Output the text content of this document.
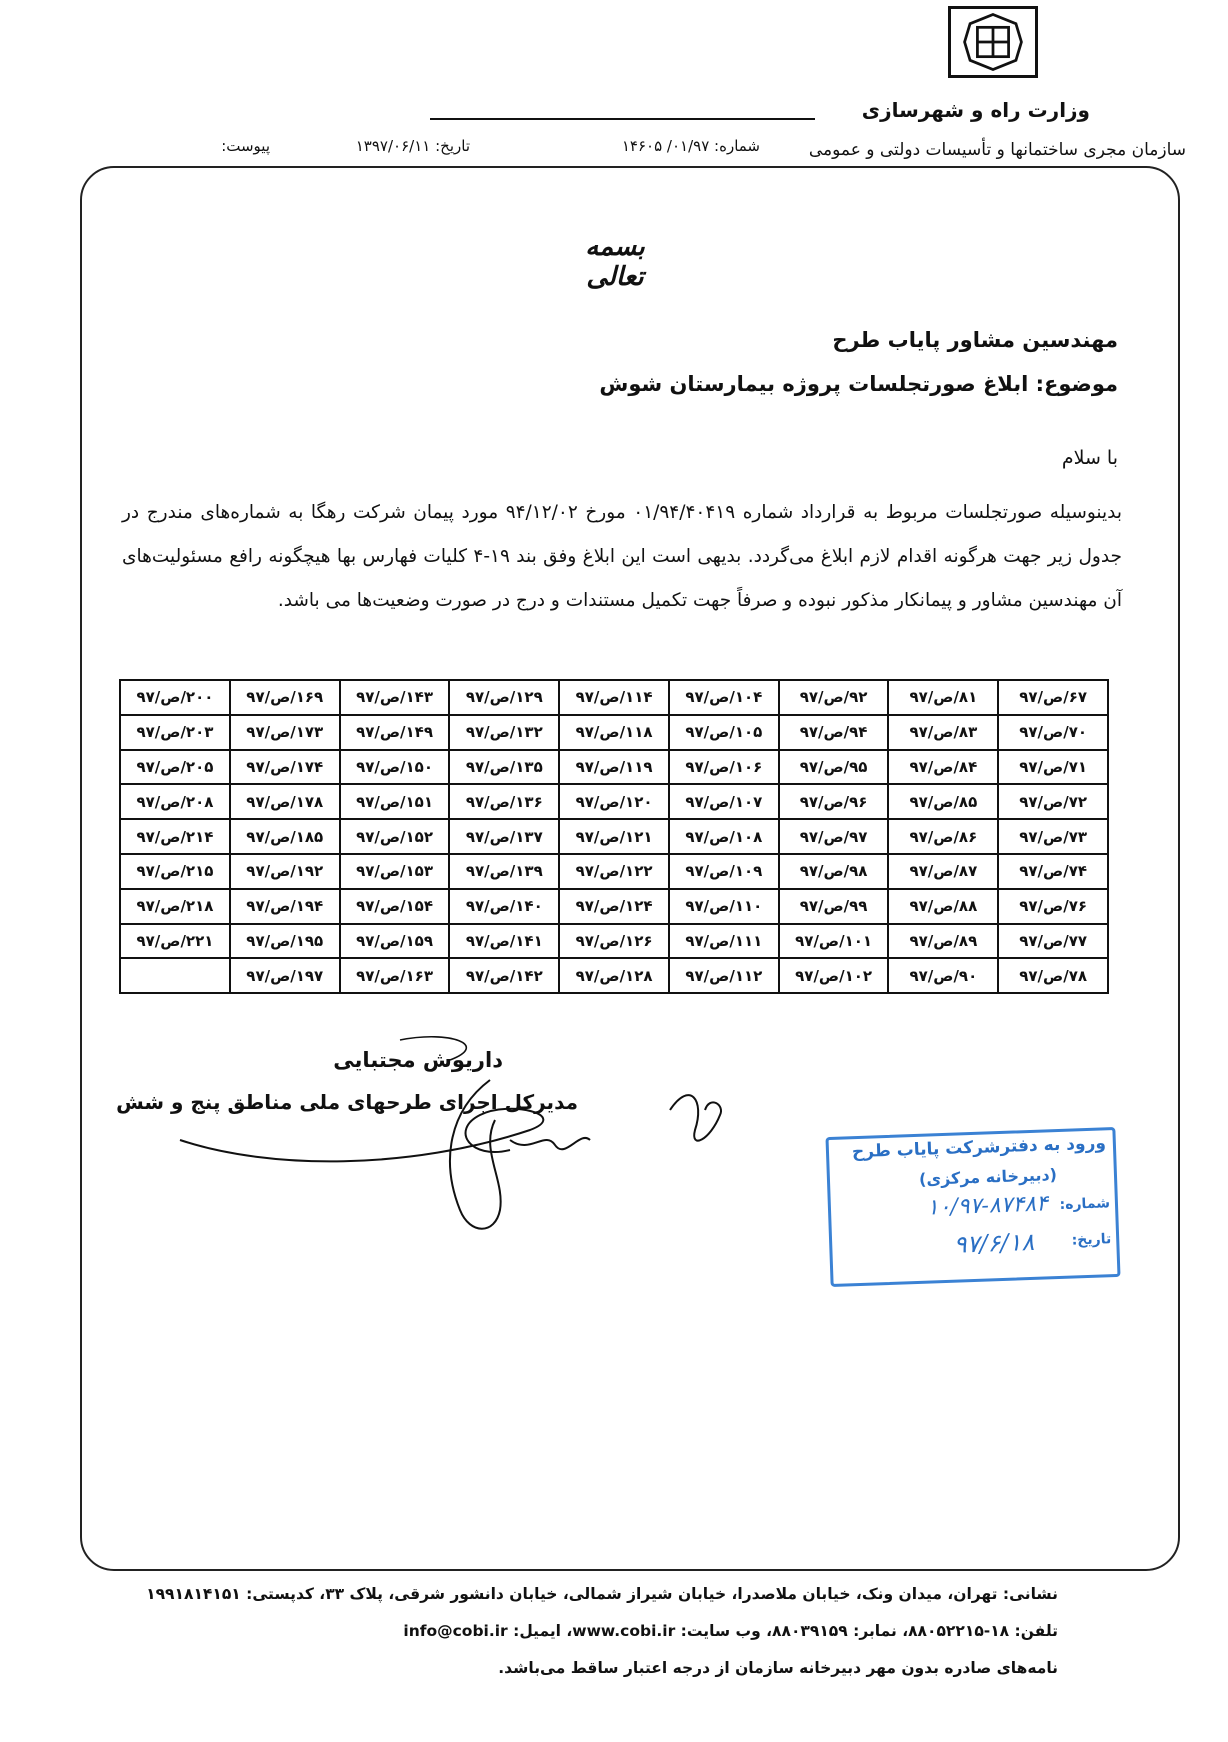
وزارت راه و شهرسازی
سازمان مجری ساختمانها و تأسیسات دولتی و عمومی
شماره: ۰۱/۹۷/ ۱۴۶۰۵
تاریخ: ۱۳۹۷/۰۶/۱۱
پیوست:
بسمه تعالی
مهندسین مشاور پایاب طرح
موضوع: ابلاغ صورتجلسات پروژه بیمارستان شوش
با سلام
بدینوسیله صورتجلسات مربوط به قرارداد شماره ۰۱/۹۴/۴۰۴۱۹ مورخ ۹۴/۱۲/۰۲ مورد پیمان شرکت رهگا به شماره‌های مندرج در جدول زیر جهت هرگونه اقدام لازم ابلاغ می‌گردد. بدیهی است این ابلاغ وفق بند ۱۹-۴ کلیات فهارس بها هیچگونه رافع مسئولیت‌های آن مهندسین مشاور و پیمانکار مذکور نبوده و صرفاً جهت تکمیل مستندات و درج در صورت وضعیت‌ها می باشد.
۶۷/ص/۹۷	۸۱/ص/۹۷	۹۲/ص/۹۷	۱۰۴/ص/۹۷	۱۱۴/ص/۹۷	۱۲۹/ص/۹۷	۱۴۳/ص/۹۷	۱۶۹/ص/۹۷	۲۰۰/ص/۹۷
۷۰/ص/۹۷	۸۳/ص/۹۷	۹۴/ص/۹۷	۱۰۵/ص/۹۷	۱۱۸/ص/۹۷	۱۳۲/ص/۹۷	۱۴۹/ص/۹۷	۱۷۳/ص/۹۷	۲۰۳/ص/۹۷
۷۱/ص/۹۷	۸۴/ص/۹۷	۹۵/ص/۹۷	۱۰۶/ص/۹۷	۱۱۹/ص/۹۷	۱۳۵/ص/۹۷	۱۵۰/ص/۹۷	۱۷۴/ص/۹۷	۲۰۵/ص/۹۷
۷۲/ص/۹۷	۸۵/ص/۹۷	۹۶/ص/۹۷	۱۰۷/ص/۹۷	۱۲۰/ص/۹۷	۱۳۶/ص/۹۷	۱۵۱/ص/۹۷	۱۷۸/ص/۹۷	۲۰۸/ص/۹۷
۷۳/ص/۹۷	۸۶/ص/۹۷	۹۷/ص/۹۷	۱۰۸/ص/۹۷	۱۲۱/ص/۹۷	۱۳۷/ص/۹۷	۱۵۲/ص/۹۷	۱۸۵/ص/۹۷	۲۱۴/ص/۹۷
۷۴/ص/۹۷	۸۷/ص/۹۷	۹۸/ص/۹۷	۱۰۹/ص/۹۷	۱۲۲/ص/۹۷	۱۳۹/ص/۹۷	۱۵۳/ص/۹۷	۱۹۲/ص/۹۷	۲۱۵/ص/۹۷
۷۶/ص/۹۷	۸۸/ص/۹۷	۹۹/ص/۹۷	۱۱۰/ص/۹۷	۱۲۴/ص/۹۷	۱۴۰/ص/۹۷	۱۵۴/ص/۹۷	۱۹۴/ص/۹۷	۲۱۸/ص/۹۷
۷۷/ص/۹۷	۸۹/ص/۹۷	۱۰۱/ص/۹۷	۱۱۱/ص/۹۷	۱۲۶/ص/۹۷	۱۴۱/ص/۹۷	۱۵۹/ص/۹۷	۱۹۵/ص/۹۷	۲۲۱/ص/۹۷
۷۸/ص/۹۷	۹۰/ص/۹۷	۱۰۲/ص/۹۷	۱۱۲/ص/۹۷	۱۲۸/ص/۹۷	۱۴۲/ص/۹۷	۱۶۳/ص/۹۷	۱۹۷/ص/۹۷	
داریوش مجتبایی
مدیرکل اجرای طرحهای ملی مناطق پنج و شش
ورود به دفترشرکت پایاب طرح
(دبیرخانه مرکزی)
شماره:
۱۰/۹۷-۸۷۴۸۴
تاریخ:
۹۷/۶/۱۸
نشانی: تهران، میدان ونک، خیابان ملاصدرا، خیابان شیراز شمالی، خیابان دانشور شرقی، پلاک ۳۳، کدپستی: ۱۹۹۱۸۱۴۱۵۱
تلفن: ۱۸-۸۸۰۵۲۲۱۵، نمابر: ۸۸۰۳۹۱۵۹، وب سایت: www.cobi.ir، ایمیل: info@cobi.ir
نامه‌های صادره بدون مهر دبیرخانه سازمان از درجه اعتبار ساقط می‌باشد.
